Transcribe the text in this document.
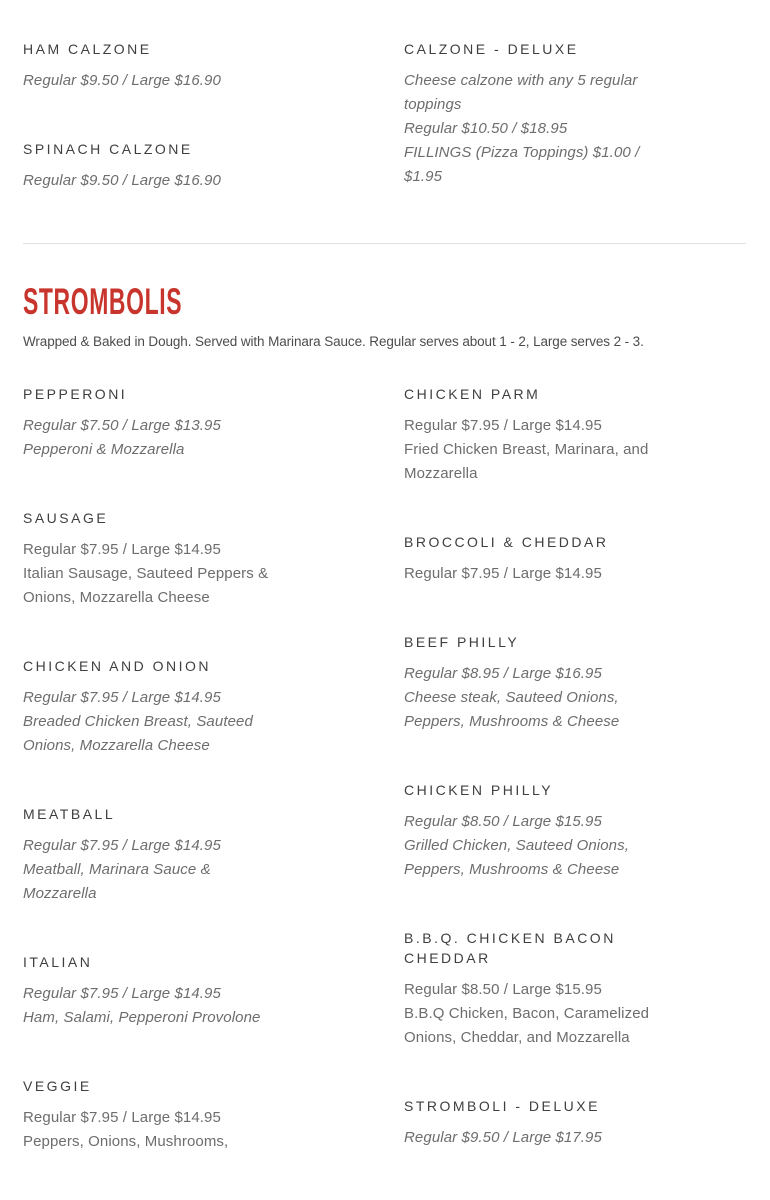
HAM CALZONE

Regular $9.50 / Large $16.90

SPINACH CALZONE

Regular $9.50 / Large $16.90

CALZONE - DELUXE

Cheese calzone with any 5 regular toppings

Regular $10.50 / $18.95

FILLINGS (Pizza Toppings) $1.00 / $1.95

STROMBOLIS

Wrapped & Baked in Dough. Served with Marinara Sauce. Regular serves about 1 - 2, Large serves 2 - 3.

PEPPERONI

Regular $7.50 / Large $13.95

Pepperoni & Mozzarella

SAUSAGE

Regular $7.95 / Large $14.95

Italian Sausage, Sauteed Peppers & Onions, Mozzarella Cheese

CHICKEN AND ONION

Regular $7.95 / Large $14.95

Breaded Chicken Breast, Sauteed Onions, Mozzarella Cheese

MEATBALL

Regular $7.95 / Large $14.95

Meatball, Marinara Sauce & Mozzarella

ITALIAN

Regular $7.95 / Large $14.95

Ham, Salami, Pepperoni Provolone

VEGGIE

Regular $7.95 / Large $14.95

Peppers, Onions, Mushrooms,

CHICKEN PARM

Regular $7.95 / Large $14.95

Fried Chicken Breast, Marinara, and Mozzarella

BROCCOLI & CHEDDAR

Regular $7.95 / Large $14.95

BEEF PHILLY

Regular $8.95 / Large $16.95

Cheese steak, Sauteed Onions, Peppers, Mushrooms & Cheese

CHICKEN PHILLY

Regular $8.50 / Large $15.95

Grilled Chicken, Sauteed Onions, Peppers, Mushrooms & Cheese

B.B.Q. CHICKEN BACON CHEDDAR

Regular $8.50 / Large $15.95

B.B.Q Chicken, Bacon, Caramelized Onions, Cheddar, and Mozzarella

STROMBOLI - DELUXE

Regular $9.50 / Large $17.95
